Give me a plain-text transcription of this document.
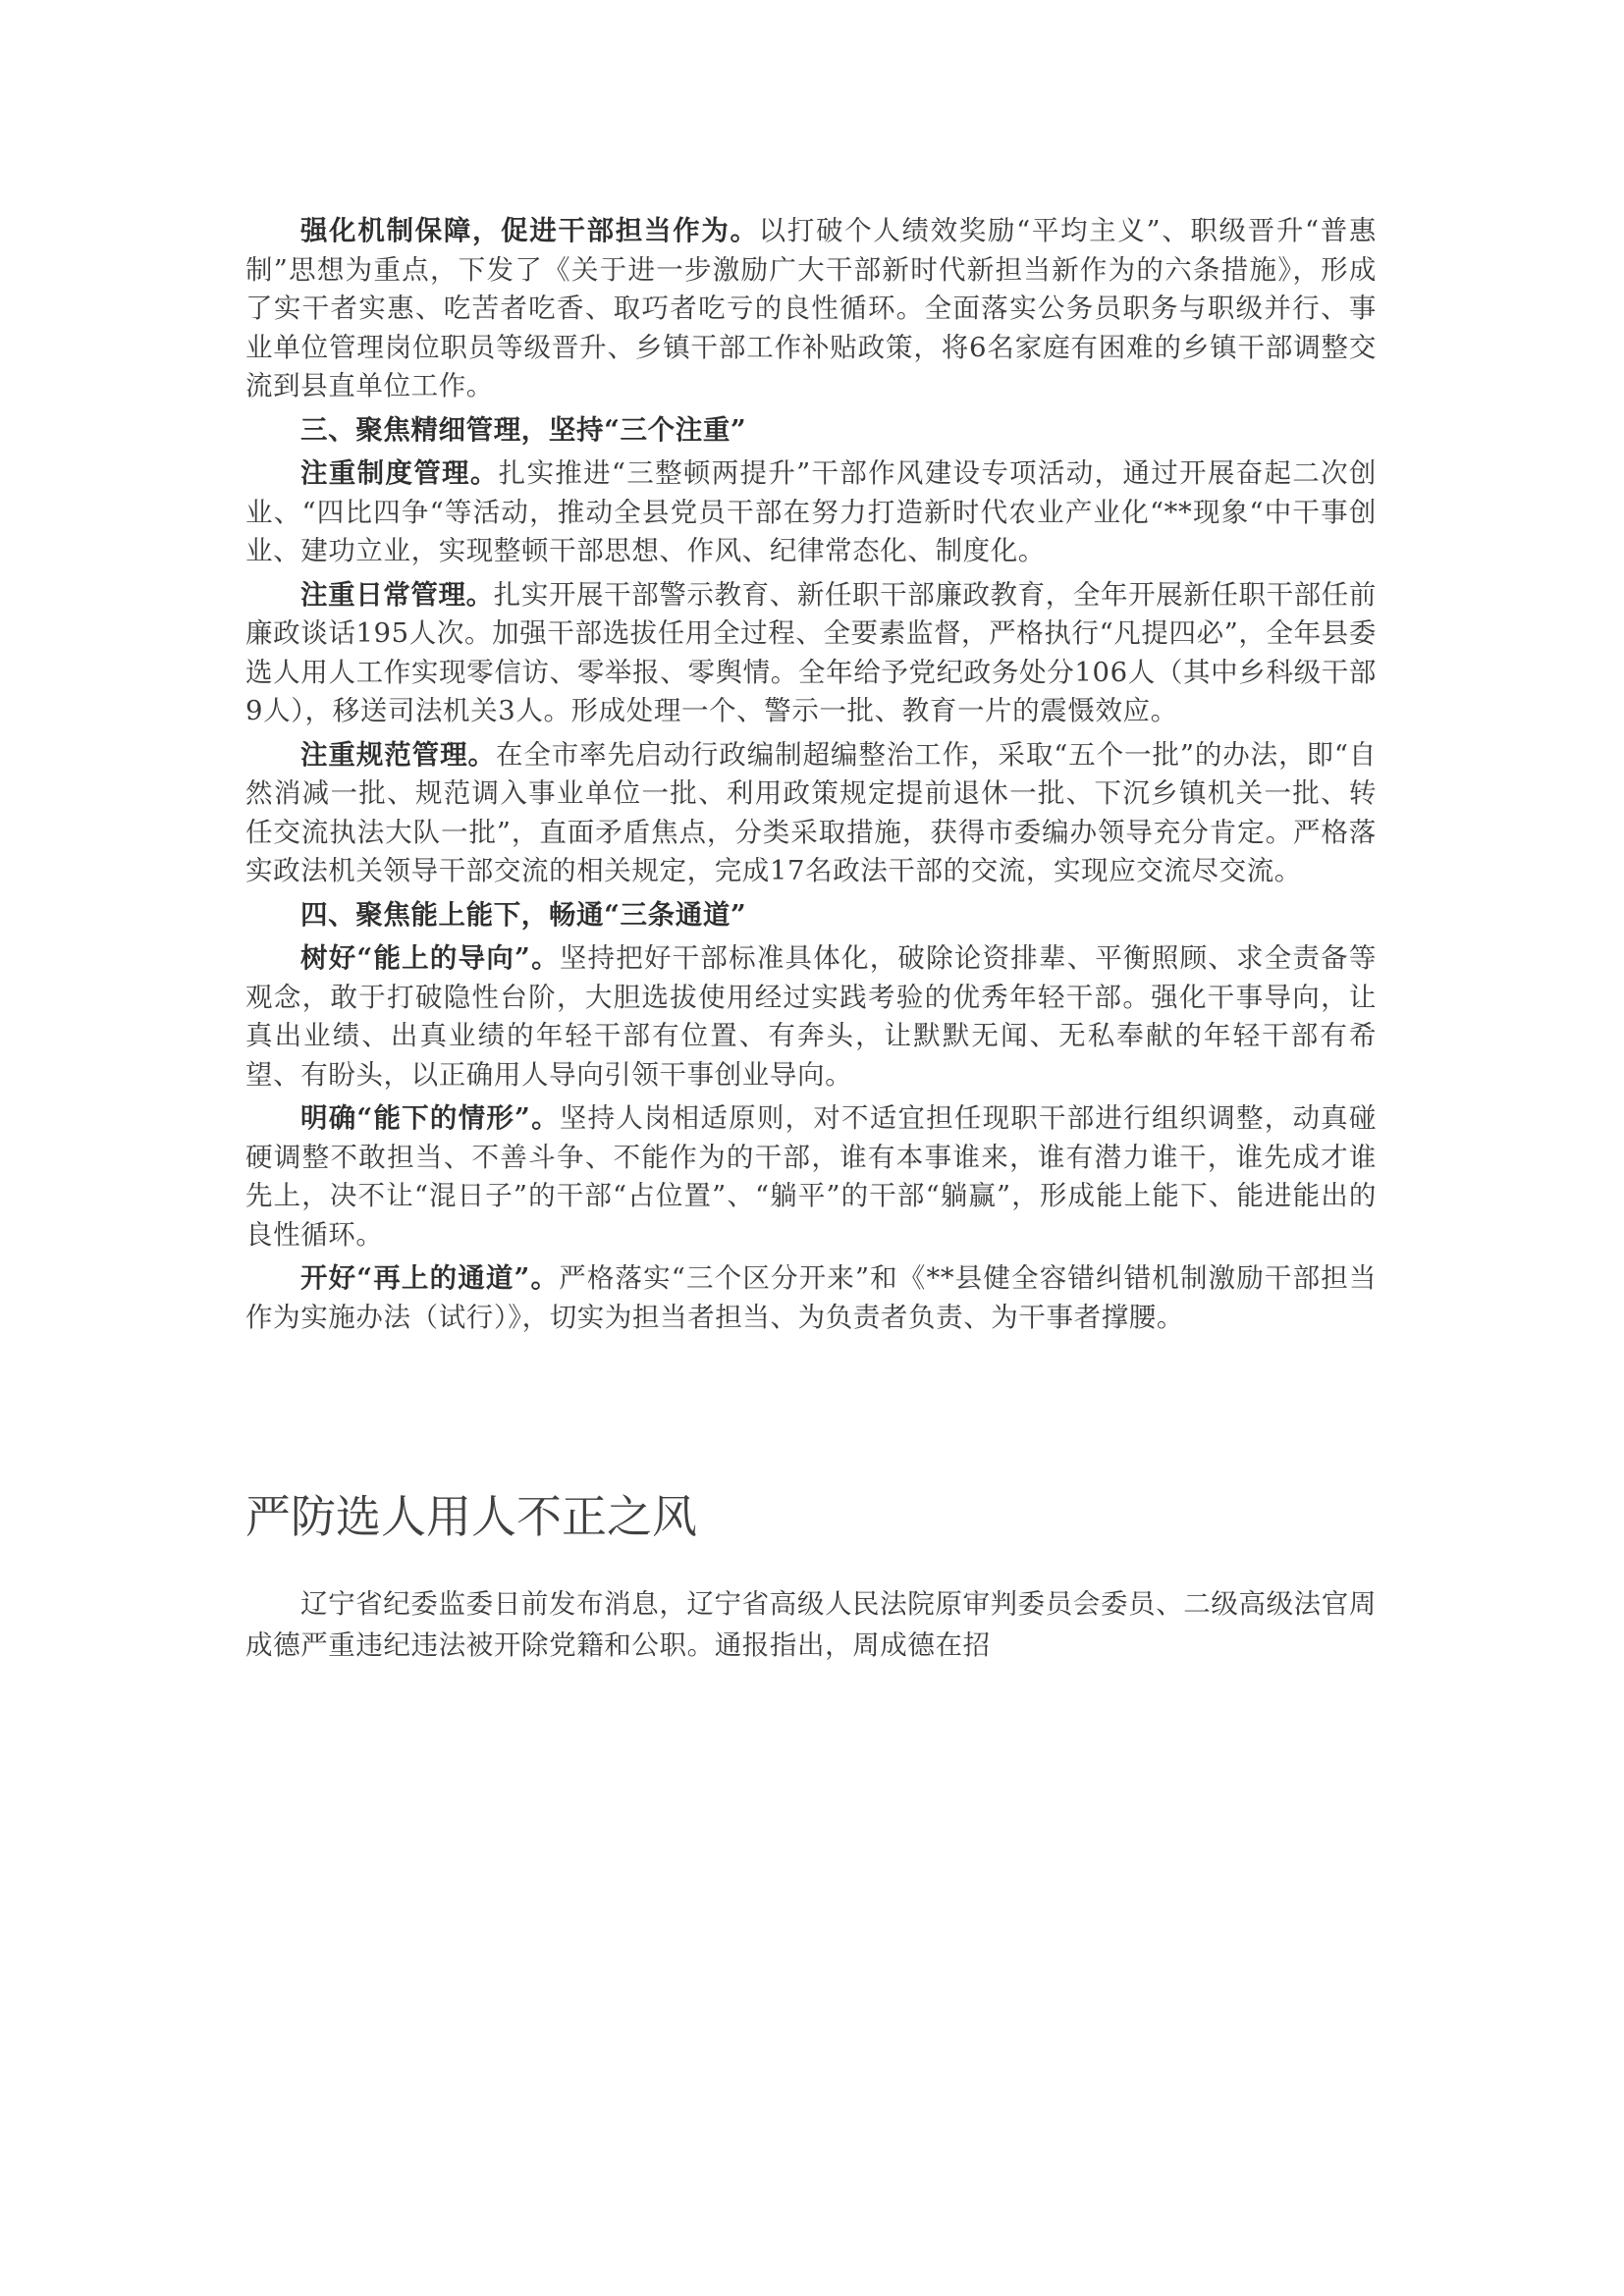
强化机制保障，促进干部担当作为。以打破个人绩效奖励“平均主义”、职级晋升“普惠制”思想为重点，下发了《关于进一步激励广大干部新时代新担当新作为的六条措施》，形成了实干者实惠、吃苦者吃香、取巧者吃亏的良性循环。全面落实公务员职务与职级并行、事业单位管理岗位职员等级晋升、乡镇干部工作补贴政策，将6名家庭有困难的乡镇干部调整交流到县直单位工作。

三、聚焦精细管理，坚持“三个注重”

注重制度管理。扎实推进“三整顿两提升”干部作风建设专项活动，通过开展奋起二次创业、“四比四争“等活动，推动全县党员干部在努力打造新时代农业产业化“**现象“中干事创业、建功立业，实现整顿干部思想、作风、纪律常态化、制度化。

注重日常管理。扎实开展干部警示教育、新任职干部廉政教育，全年开展新任职干部任前廉政谈话195人次。加强干部选拔任用全过程、全要素监督，严格执行“凡提四必”，全年县委选人用人工作实现零信访、零举报、零舆情。全年给予党纪政务处分106人（其中乡科级干部9人），移送司法机关3人。形成处理一个、警示一批、教育一片的震慑效应。

注重规范管理。在全市率先启动行政编制超编整治工作，采取“五个一批”的办法，即“自然消减一批、规范调入事业单位一批、利用政策规定提前退休一批、下沉乡镇机关一批、转任交流执法大队一批”，直面矛盾焦点，分类采取措施，获得市委编办领导充分肯定。严格落实政法机关领导干部交流的相关规定，完成17名政法干部的交流，实现应交流尽交流。

四、聚焦能上能下，畅通“三条通道”

树好“能上的导向”。坚持把好干部标准具体化，破除论资排辈、平衡照顾、求全责备等观念，敢于打破隐性台阶，大胆选拔使用经过实践考验的优秀年轻干部。强化干事导向，让真出业绩、出真业绩的年轻干部有位置、有奔头，让默默无闻、无私奉献的年轻干部有希望、有盼头，以正确用人导向引领干事创业导向。

明确“能下的情形”。坚持人岗相适原则，对不适宜担任现职干部进行组织调整，动真碰硬调整不敢担当、不善斗争、不能作为的干部，谁有本事谁来，谁有潜力谁干，谁先成才谁先上，决不让“混日子”的干部“占位置”、“躺平”的干部“躺赢”，形成能上能下、能进能出的良性循环。

开好“再上的通道”。严格落实“三个区分开来”和《**县健全容错纠错机制激励干部担当作为实施办法（试行）》，切实为担当者担当、为负责者负责、为干事者撑腰。

严防选人用人不正之风

辽宁省纪委监委日前发布消息，辽宁省高级人民法院原审判委员会委员、二级高级法官周成德严重违纪违法被开除党籍和公职。通报指出，周成德在招
